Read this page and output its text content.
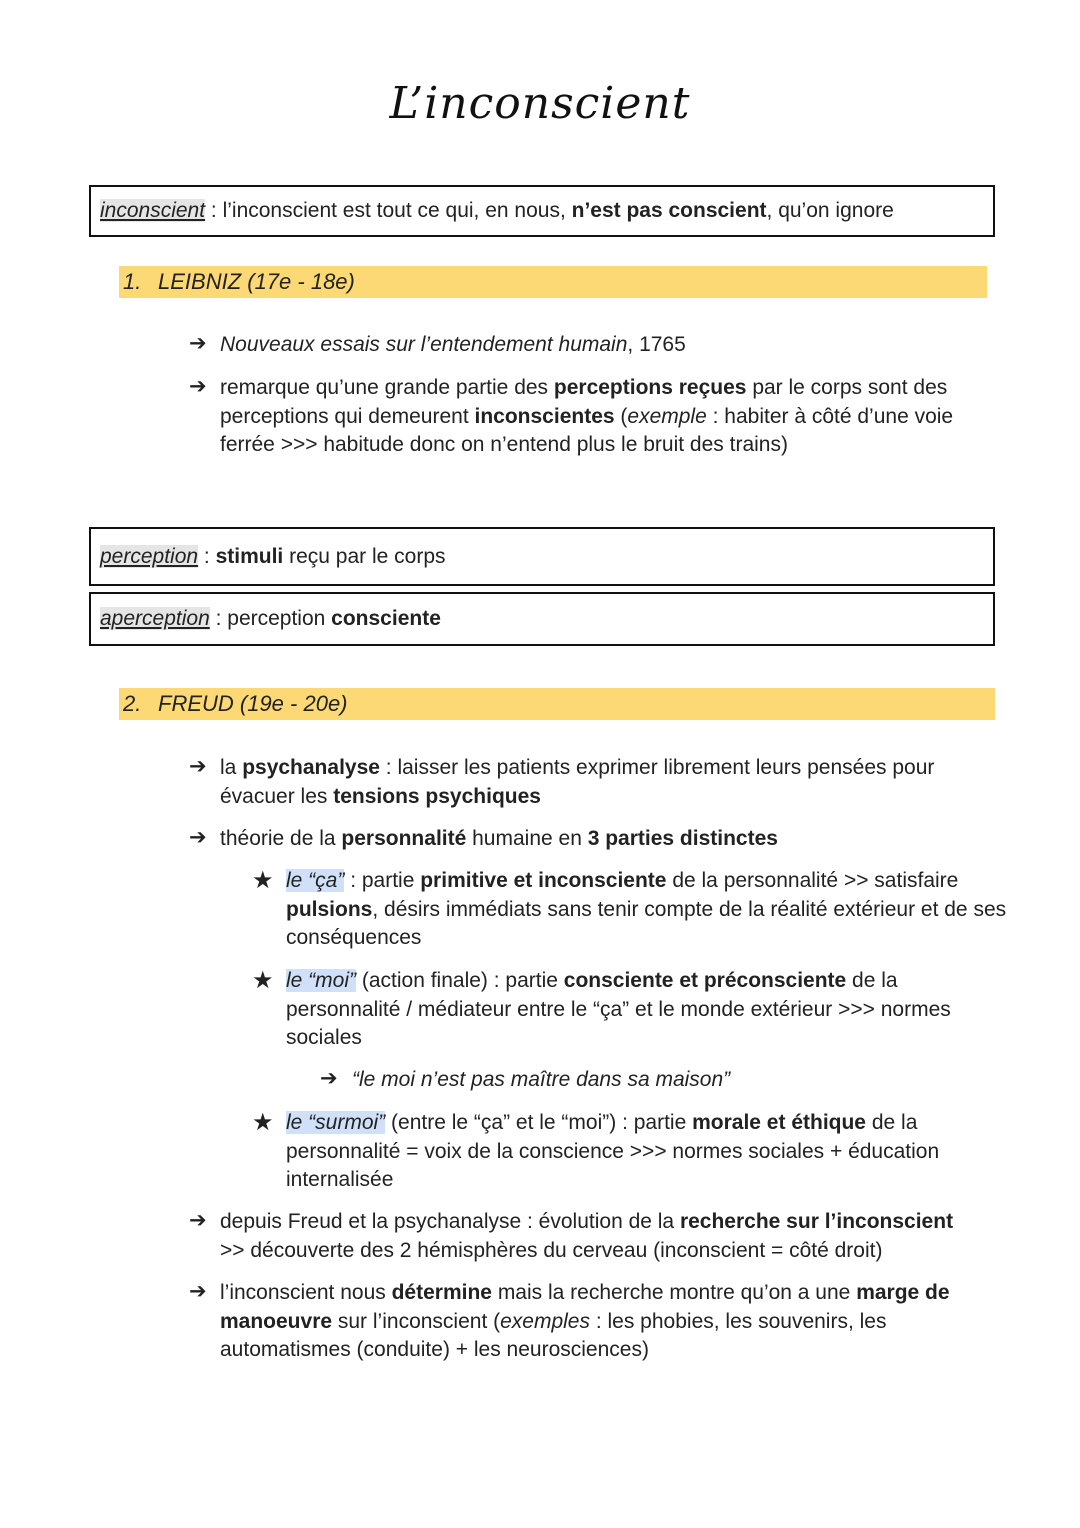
L’inconscient
inconscient : l’inconscient est tout ce qui, en nous, n’est pas conscient, qu’on ignore
1. LEIBNIZ (17e - 18e)
➔ Nouveaux essais sur l’entendement humain, 1765
➔ remarque qu’une grande partie des perceptions reçues par le corps sont des perceptions qui demeurent inconscientes (exemple : habiter à côté d’une voie ferrée >>> habitude donc on n’entend plus le bruit des trains)
perception : stimuli reçu par le corps
aperception : perception consciente
2. FREUD (19e - 20e)
➔ la psychanalyse : laisser les patients exprimer librement leurs pensées pour évacuer les tensions psychiques
➔ théorie de la personnalité humaine en 3 parties distinctes
★ le “ça” : partie primitive et inconsciente de la personnalité >> satisfaire pulsions, désirs immédiats sans tenir compte de la réalité extérieur et de ses conséquences
★ le “moi” (action finale) : partie consciente et préconsciente de la personnalité / médiateur entre le “ça” et le monde extérieur >>> normes sociales
➔ “le moi n’est pas maître dans sa maison”
★ le “surmoi” (entre le “ça” et le “moi”) : partie morale et éthique de la personnalité = voix de la conscience >>> normes sociales + éducation internalisée
➔ depuis Freud et la psychanalyse : évolution de la recherche sur l’inconscient >> découverte des 2 hémisphères du cerveau (inconscient = côté droit)
➔ l’inconscient nous détermine mais la recherche montre qu’on a une marge de manoeuvre sur l’inconscient (exemples : les phobies, les souvenirs, les automatismes (conduite) + les neurosciences)
